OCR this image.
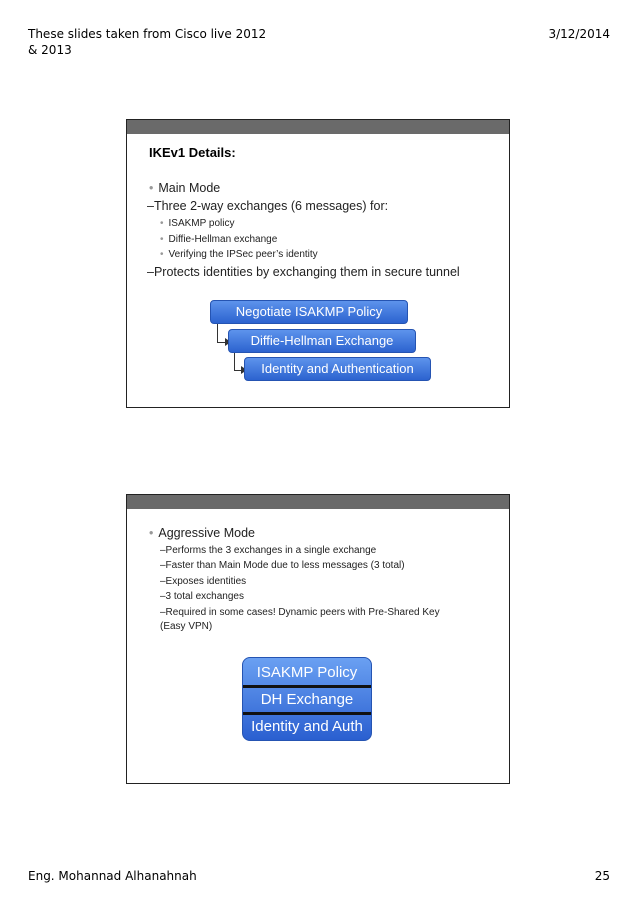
These slides taken from Cisco live 2012 & 2013
3/12/2014
IKEv1 Details:
• Main Mode
–Three 2-way exchanges (6 messages) for:
• ISAKMP policy
• Diffie-Hellman exchange
• Verifying the IPSec peer’s identity
–Protects identities by exchanging them in secure tunnel
Negotiate ISAKMP Policy
Diffie-Hellman Exchange
Identity and Authentication
• Aggressive Mode
–Performs the 3 exchanges in a single exchange
–Faster than Main Mode due to less messages (3 total)
–Exposes identities
–3 total exchanges
–Required in some cases! Dynamic peers with Pre-Shared Key
(Easy VPN)
ISAKMP Policy
DH Exchange
Identity and Auth
Eng. Mohannad Alhanahnah	25
